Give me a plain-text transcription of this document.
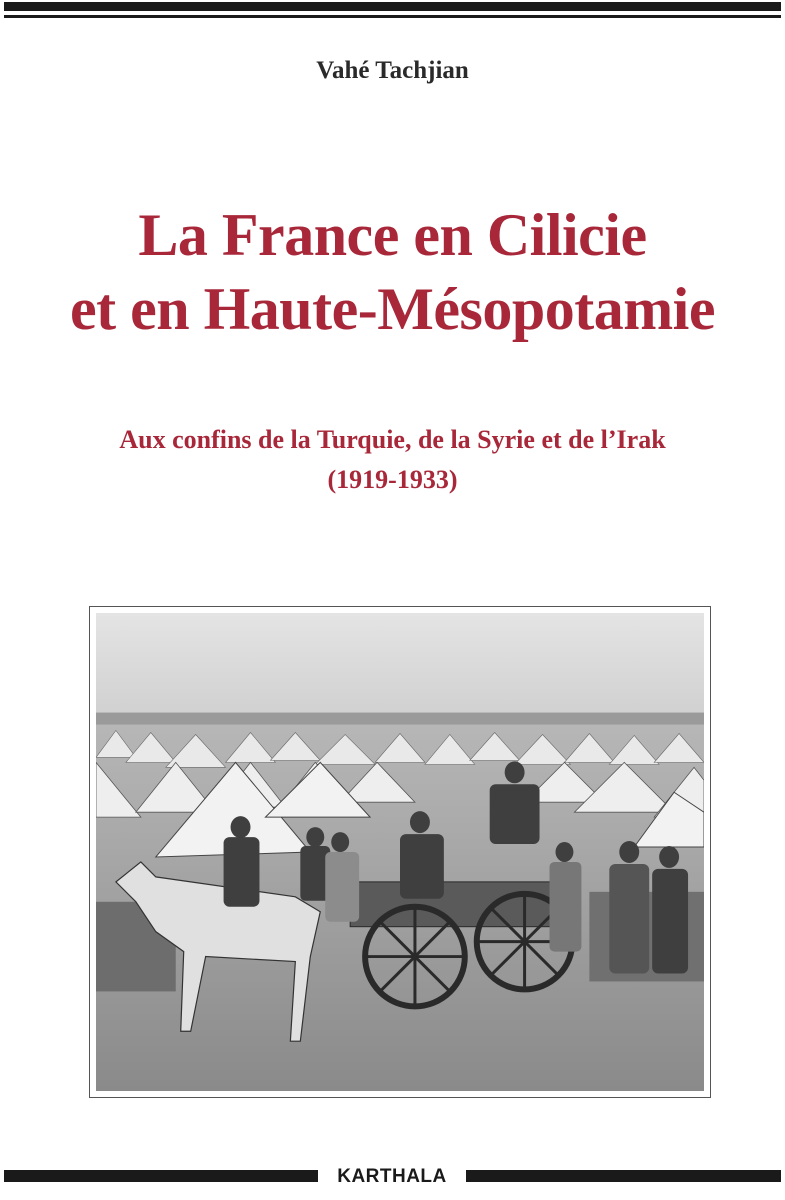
Vahé Tachjian
La France en Cilicie
et en Haute-Mésopotamie
Aux confins de la Turquie, de la Syrie et de l’Irak
(1919-1933)
KARTHALA
